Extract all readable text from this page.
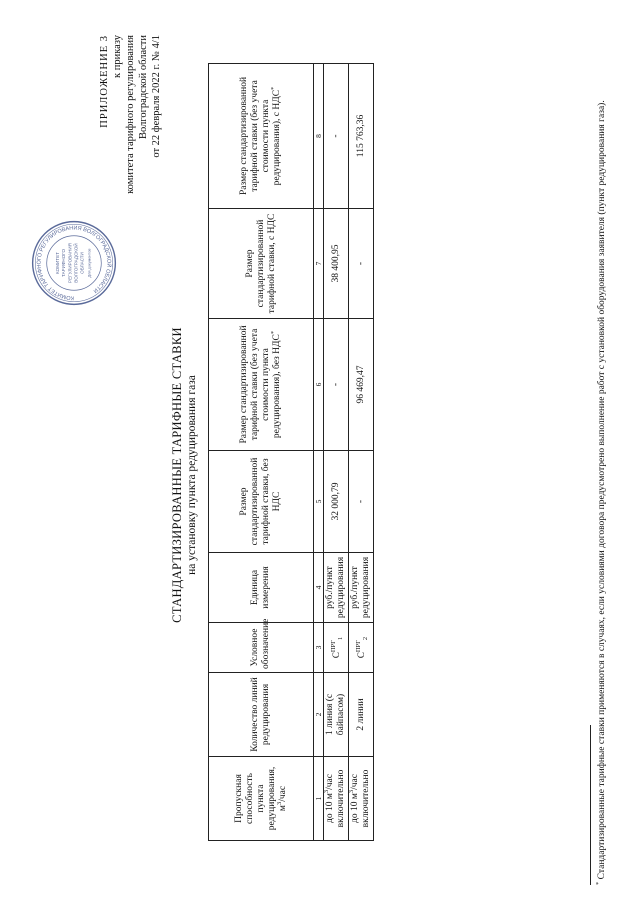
КОМИТЕТ ТАРИФНОГО РЕГУЛИРОВАНИЯ ВОЛГОГРАДСКОЙ ОБЛАСТИ
КОМИТЕТ ТАРИФНОГО РЕГУЛИРОВАНИЯ ВОЛГОГРАДСКОЙ ОБЛАСТИ Для документов
ПРИЛОЖЕНИЕ 3 к приказу комитета тарифного регулирования Волгоградской области от 22 февраля 2022 г. № 4/1
СТАНДАРТИЗИРОВАННЫЕ ТАРИФНЫЕ СТАВКИ на установку пункта редуцирования газа
Пропускная способность пункта редуцирования, $м^3$/час	Количество линий редуцирования	Условное обозначение	Единица измерения	Размер стандартизированной тарифной ставки, без НДС	Размер стандартизированной тарифной ставки (без учета стоимости пункта редуцирования), без НДС*	Размер стандартизированной тарифной ставки, с НДС	Размер стандартизированной тарифной ставки (без учета стоимости пункта редуцирования), с НДС*
1	2	3	4	5	6	7	8
до 10 $м^3$/час включительно	1 линия (с байпасом)	$С^{ПРГ}_1$	руб./пункт редуцирования	32 000,79	-	38 400,95	-
до 10 $м^3$/час включительно	2 линии	$С^{ПРГ}_2$	руб./пункт редуцирования	-	96 469,47	-	115 763,36
* Стандартизированные тарифные ставки применяются в случаях, если условиями договора предусмотрено выполнение работ с установкой оборудования заявителя (пункт редуцирования газа).
